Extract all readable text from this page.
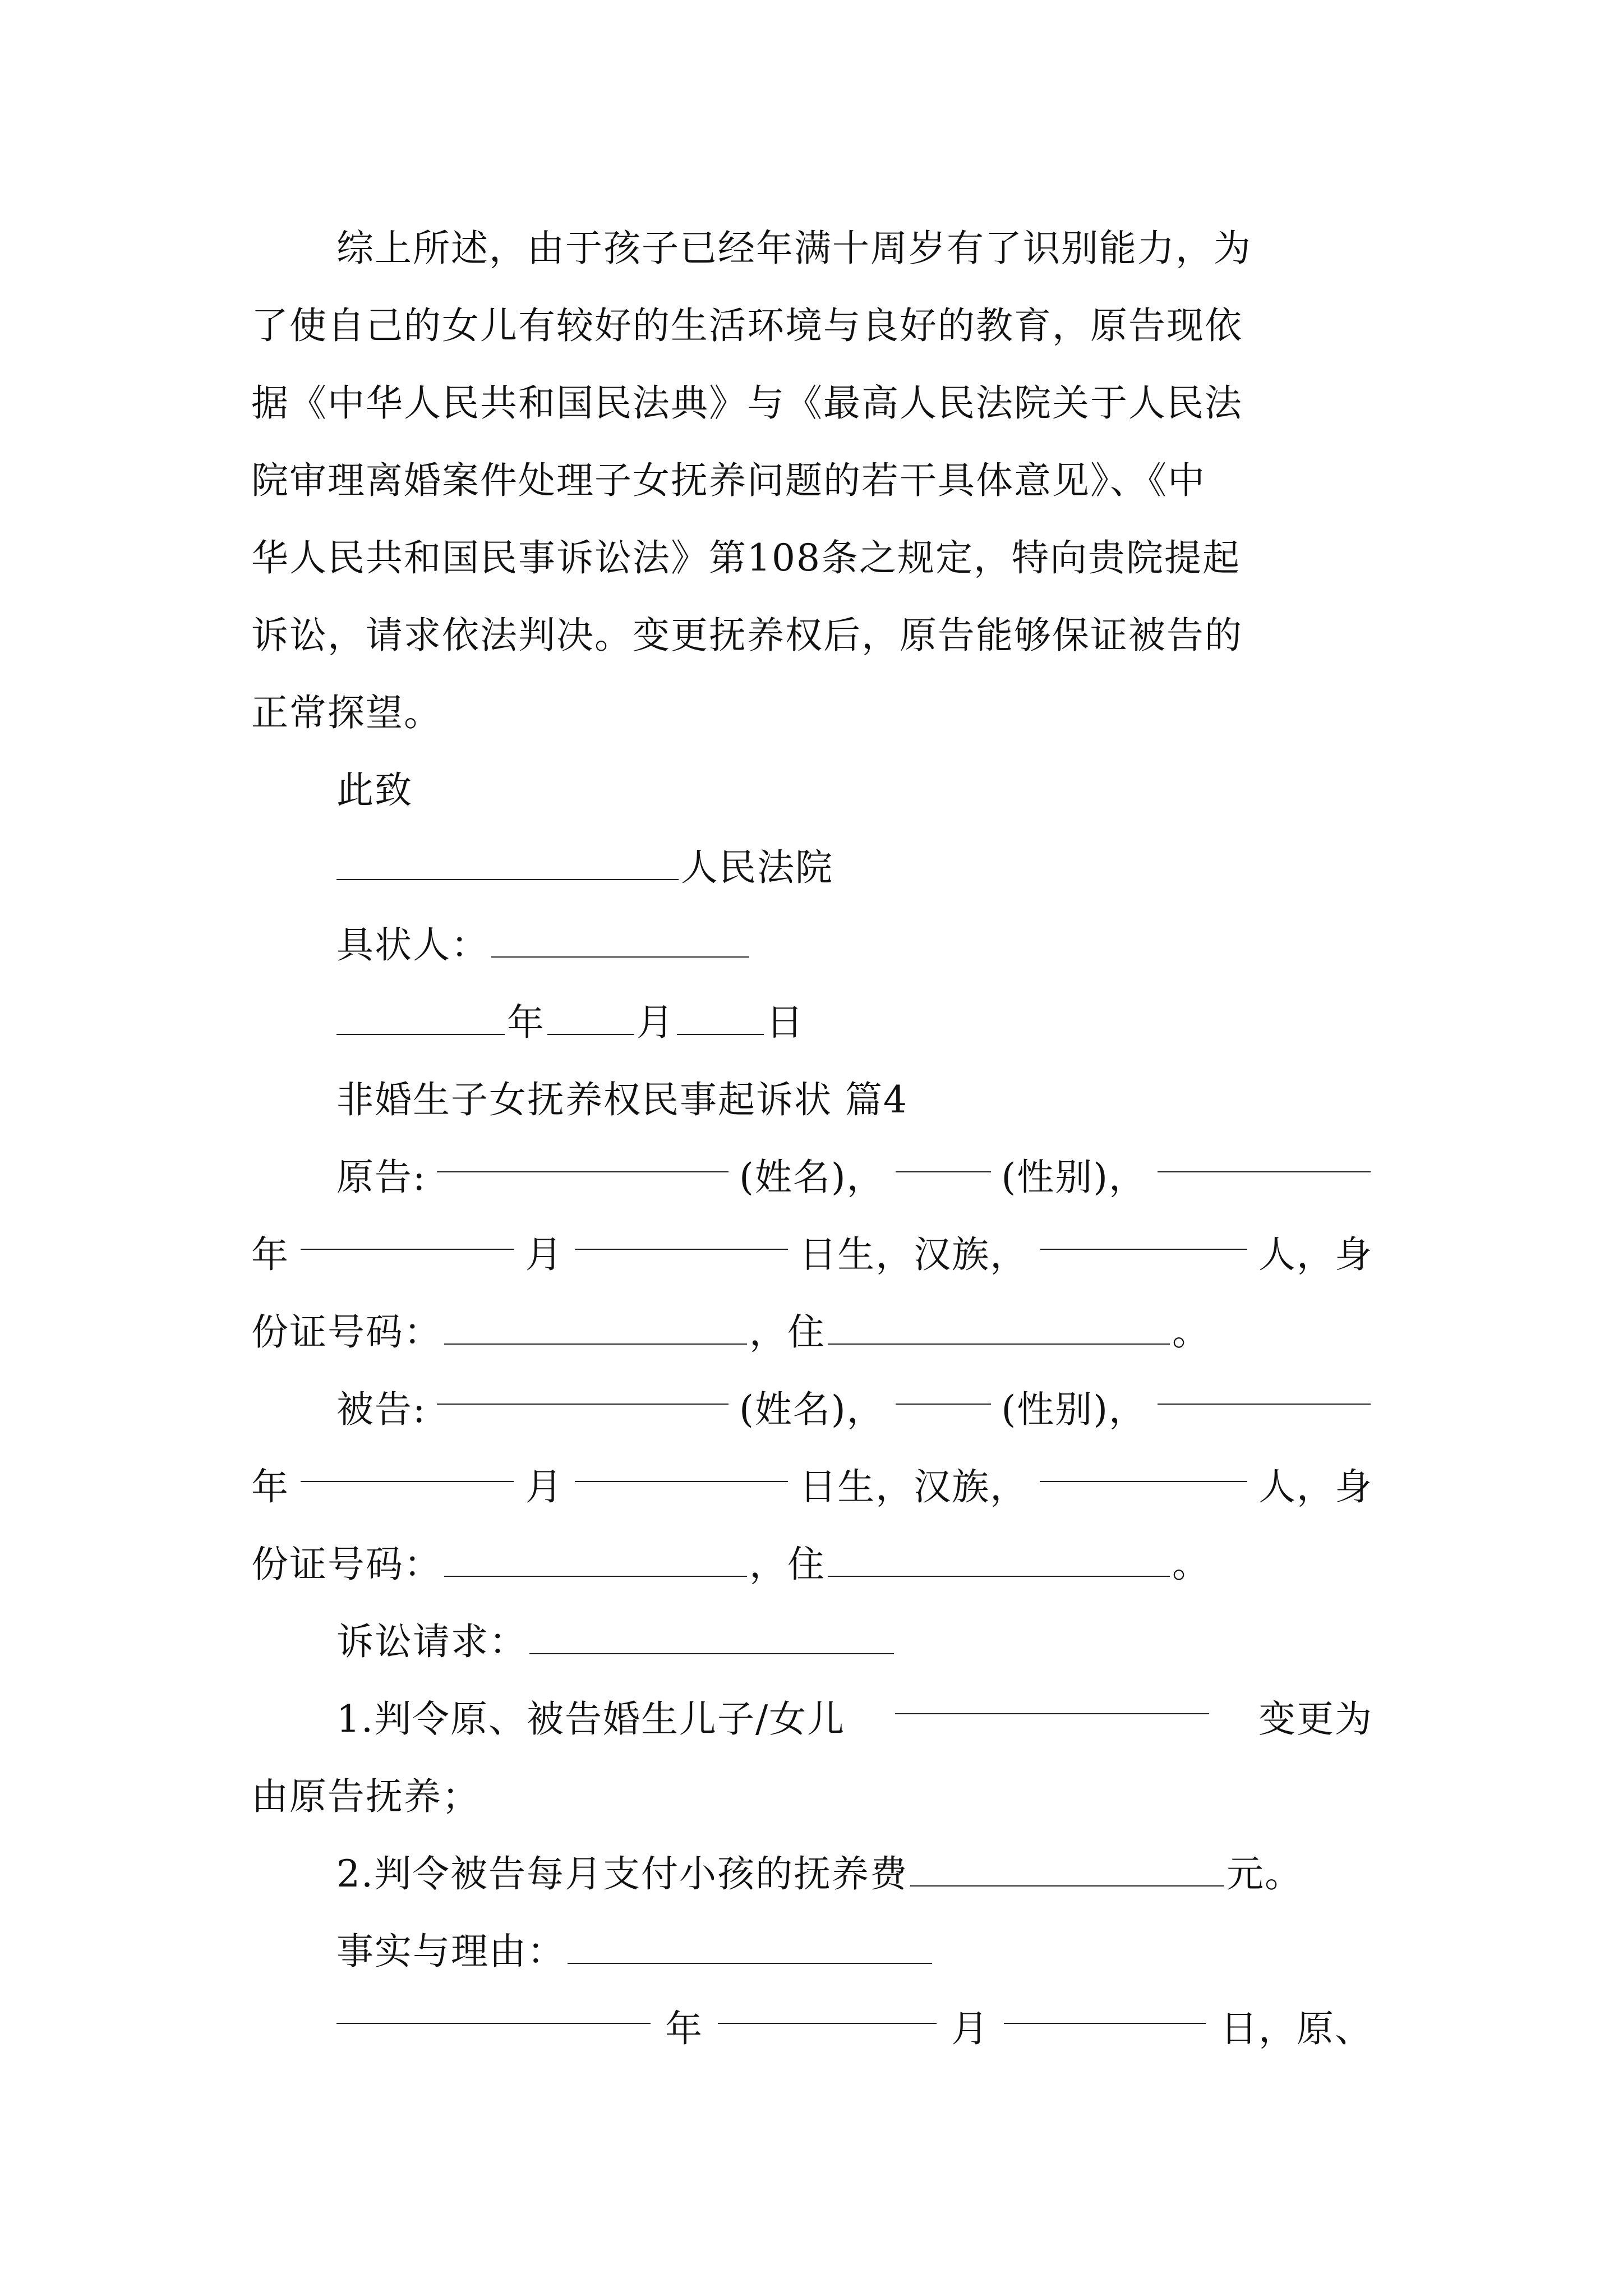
综上所述，由于孩子已经年满十周岁有了识别能力，为
了使自己的女儿有较好的生活环境与良好的教育，原告现依
据《中华人民共和国民法典》与《最高人民法院关于人民法
院审理离婚案件处理子女抚养问题的若干具体意见》、《中
华人民共和国民事诉讼法》第108条之规定，特向贵院提起
诉讼，请求依法判决。变更抚养权后，原告能够保证被告的
正常探望。
此致
人民法院
具状人：
年 月 日
非婚生子女抚养权民事起诉状 篇4
原告:	(姓名)，	(性别)，
年	月	日生，汉族，	人，身
份证号码：	，住	。
被告:	(姓名)，	(性别)，
年	月	日生，汉族，	人，身
份证号码：	，住	。
诉讼请求：
1.判令原、被告婚生儿子/女儿	变更为
由原告抚养；
2.判令被告每月支付小孩的抚养费	元。
事实与理由：
年	月	日，原、
